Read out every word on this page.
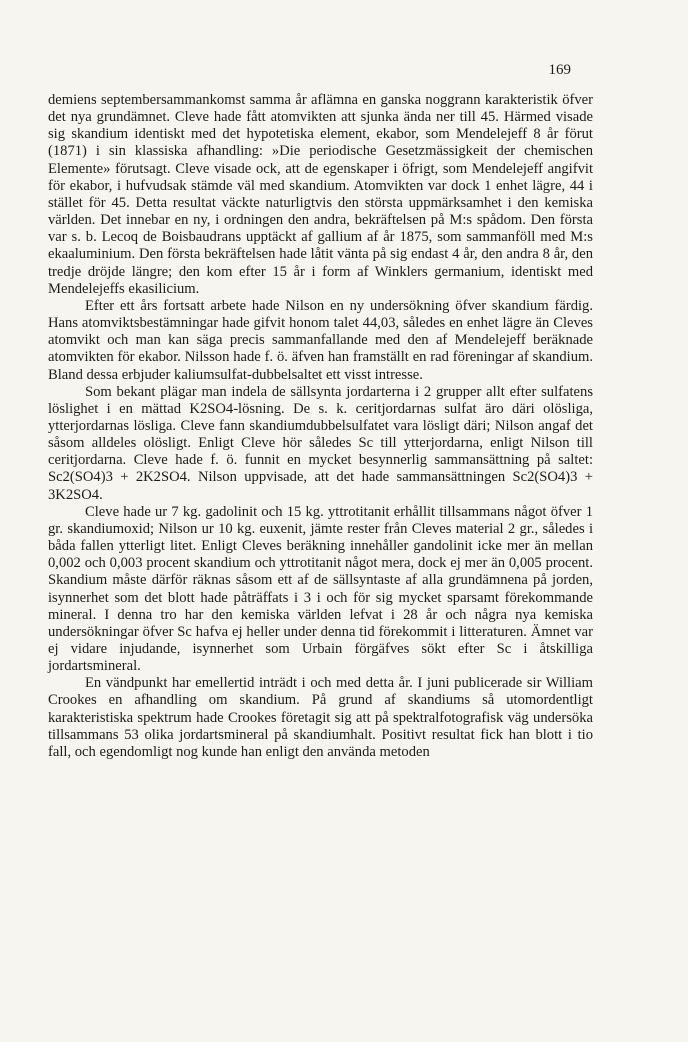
169

demiens septembersammankomst samma år aflämna en ganska noggrann karakteristik öfver det nya grundämnet. Cleve hade fått atomvikten att sjunka ända ner till 45. Härmed visade sig skandium identiskt med det hypotetiska element, ekabor, som Mendelejeff 8 år förut (1871) i sin klassiska afhandling: »Die periodische Gesetzmässigkeit der chemischen Elemente» förutsagt. Cleve visade ock, att de egenskaper i öfrigt, som Mendelejeff angifvit för ekabor, i hufvudsak stämde väl med skandium. Atomvikten var dock 1 enhet lägre, 44 i stället för 45. Detta resultat väckte naturligtvis den största uppmärksamhet i den kemiska världen. Det innebar en ny, i ordningen den andra, bekräftelsen på M:s spådom. Den första var s. b. Lecoq de Boisbaudrans upptäckt af gallium af år 1875, som sammanföll med M:s ekaaluminium. Den första bekräftelsen hade låtit vänta på sig endast 4 år, den andra 8 år, den tredje dröjde längre; den kom efter 15 år i form af Winklers germanium, identiskt med Mendelejeffs ekasilicium.

Efter ett års fortsatt arbete hade Nilson en ny undersökning öfver skandium färdig. Hans atomviktsbestämningar hade gifvit honom talet 44,03, således en enhet lägre än Cleves atomvikt och man kan säga precis sammanfallande med den af Mendelejeff beräknade atomvikten för ekabor. Nilsson hade f. ö. äfven han framställt en rad föreningar af skandium. Bland dessa erbjuder kaliumsulfat-dubbelsaltet ett visst intresse.

Som bekant plägar man indela de sällsynta jordarterna i 2 grupper allt efter sulfatens löslighet i en mättad K2SO4-lösning. De s. k. ceritjordarnas sulfat äro däri olösliga, ytterjordarnas lösliga. Cleve fann skandiumdubbelsulfatet vara lösligt däri; Nilson angaf det såsom alldeles olösligt. Enligt Cleve hör således Sc till ytterjordarna, enligt Nilson till ceritjordarna. Cleve hade f. ö. funnit en mycket besynnerlig sammansättning på saltet: Sc2(SO4)3 + 2K2SO4. Nilson uppvisade, att det hade sammansättningen Sc2(SO4)3 + 3K2SO4.

Cleve hade ur 7 kg. gadolinit och 15 kg. yttrotitanit erhållit tillsammans något öfver 1 gr. skandiumoxid; Nilson ur 10 kg. euxenit, jämte rester från Cleves material 2 gr., således i båda fallen ytterligt litet. Enligt Cleves beräkning innehåller gandolinit icke mer än mellan 0,002 och 0,003 procent skandium och yttrotitanit något mera, dock ej mer än 0,005 procent. Skandium måste därför räknas såsom ett af de sällsyntaste af alla grundämnena på jorden, isynnerhet som det blott hade påträffats i 3 i och för sig mycket sparsamt förekommande mineral. I denna tro har den kemiska världen lefvat i 28 år och några nya kemiska undersökningar öfver Sc hafva ej heller under denna tid förekommit i litteraturen. Ämnet var ej vidare injudande, isynnerhet som Urbain förgäfves sökt efter Sc i åtskilliga jordartsmineral.

En vändpunkt har emellertid inträdt i och med detta år. I juni publicerade sir William Crookes en afhandling om skandium. På grund af skandiums så utomordentligt karakteristiska spektrum hade Crookes företagit sig att på spektralfotografisk väg undersöka tillsammans 53 olika jordartsmineral på skandiumhalt. Positivt resultat fick han blott i tio fall, och egendomligt nog kunde han enligt den använda metoden
